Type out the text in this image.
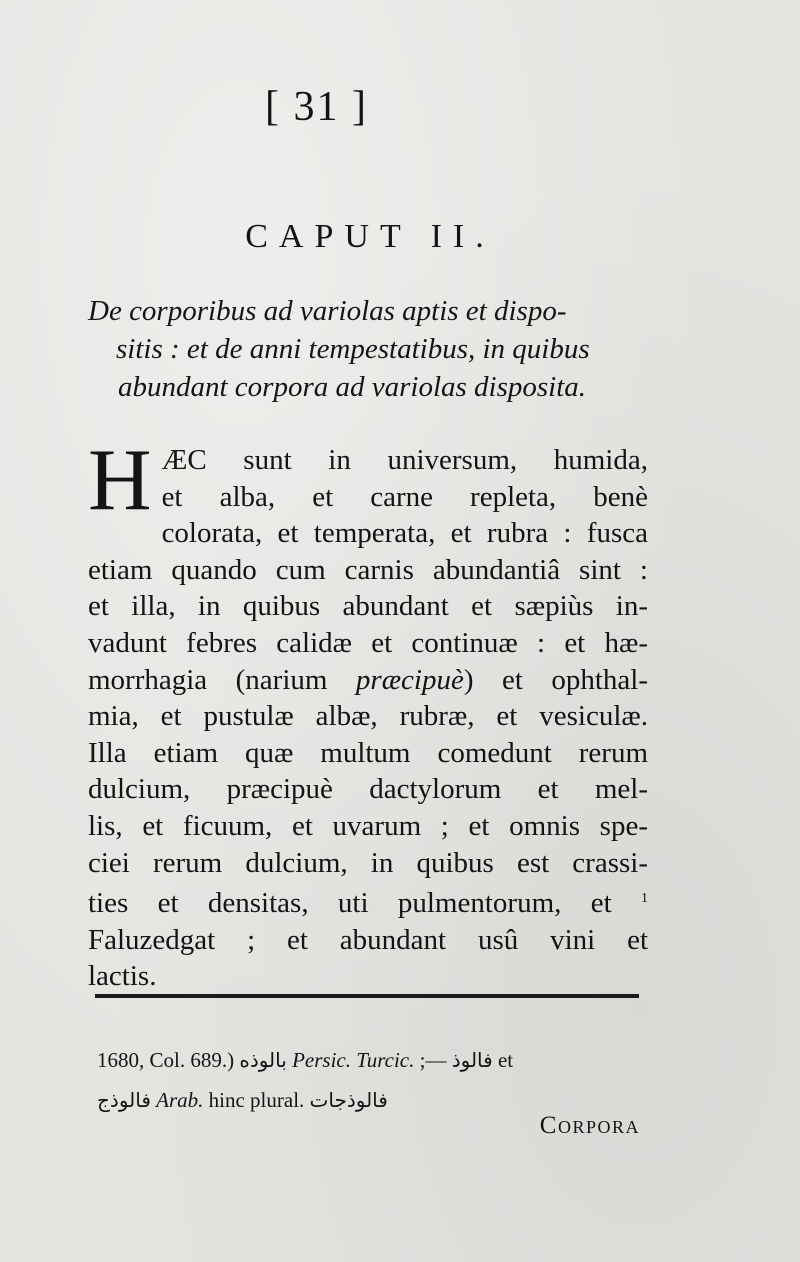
[ 31 ]
CAPUT II.
De corporibus ad variolas aptis et dispo-
sitis : et de anni tempestatibus, in quibus
abundant corpora ad variolas disposita.
H ÆC sunt in universum, humida,
et alba, et carne repleta, benè
colorata, et temperata, et rubra : fusca
etiam quando cum carnis abundantiâ sint :
et illa, in quibus abundant et sæpiùs in-
vadunt febres calidæ et continuæ : et hæ-
morrhagia (narium præcipuè) et ophthal-
mia, et pustulæ albæ, rubræ, et vesiculæ.
Illa etiam quæ multum comedunt rerum
dulcium, præcipuè dactylorum et mel-
lis, et ficuum, et uvarum ; et omnis spe-
ciei rerum dulcium, in quibus est crassi-
ties et densitas, uti pulmentorum, et $^1$
Faluzedgat ; et abundant usû vini et
lactis.
1680, Col. 689.) بالوذه Persic. Turcic. ;— فالوذ et
فالوذج Arab. hinc plural. فالوذجات
Corpora
